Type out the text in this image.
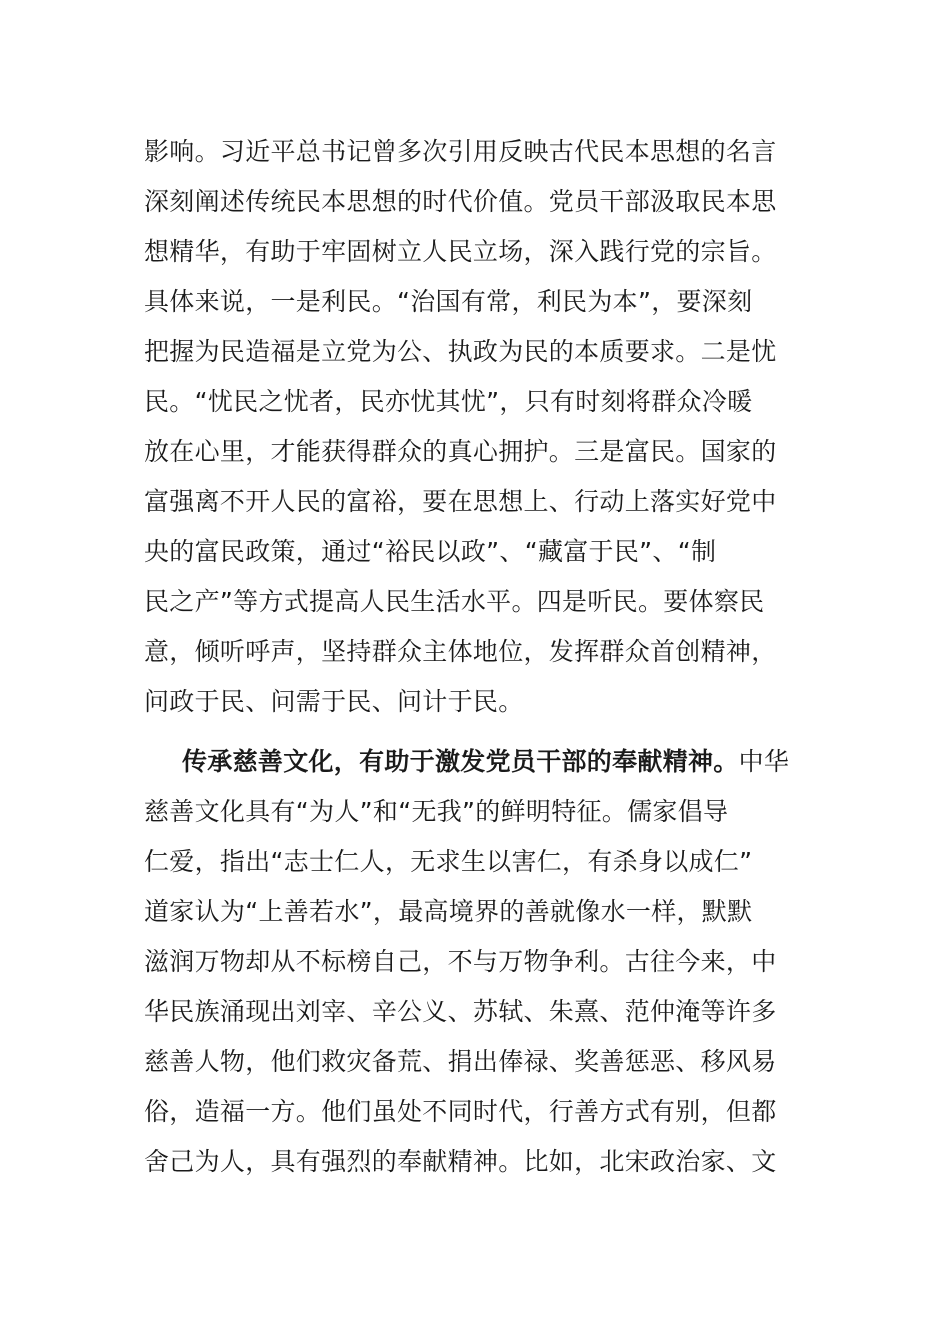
影响。习近平总书记曾多次引用反映古代民本思想的名言
深刻阐述传统民本思想的时代价值。党员干部汲取民本思
想精华，有助于牢固树立人民立场，深入践行党的宗旨。
具体来说，一是利民。“治国有常，利民为本”，要深刻
把握为民造福是立党为公、执政为民的本质要求。二是忧
民。“忧民之忧者，民亦忧其忧”，只有时刻将群众冷暖
放在心里，才能获得群众的真心拥护。三是富民。国家的
富强离不开人民的富裕，要在思想上、行动上落实好党中
央的富民政策，通过“裕民以政”、“藏富于民”、“制
民之产”等方式提高人民生活水平。四是听民。要体察民
意，倾听呼声，坚持群众主体地位，发挥群众首创精神，
问政于民、问需于民、问计于民。
传承慈善文化，有助于激发党员干部的奉献精神。中华
慈善文化具有“为人”和“无我”的鲜明特征。儒家倡导
仁爱，指出“志士仁人，无求生以害仁，有杀身以成仁”
道家认为“上善若水”，最高境界的善就像水一样，默默
滋润万物却从不标榜自己，不与万物争利。古往今来，中
华民族涌现出刘宰、辛公义、苏轼、朱熹、范仲淹等许多
慈善人物，他们救灾备荒、捐出俸禄、奖善惩恶、移风易
俗，造福一方。他们虽处不同时代，行善方式有别，但都
舍己为人，具有强烈的奉献精神。比如，北宋政治家、文
